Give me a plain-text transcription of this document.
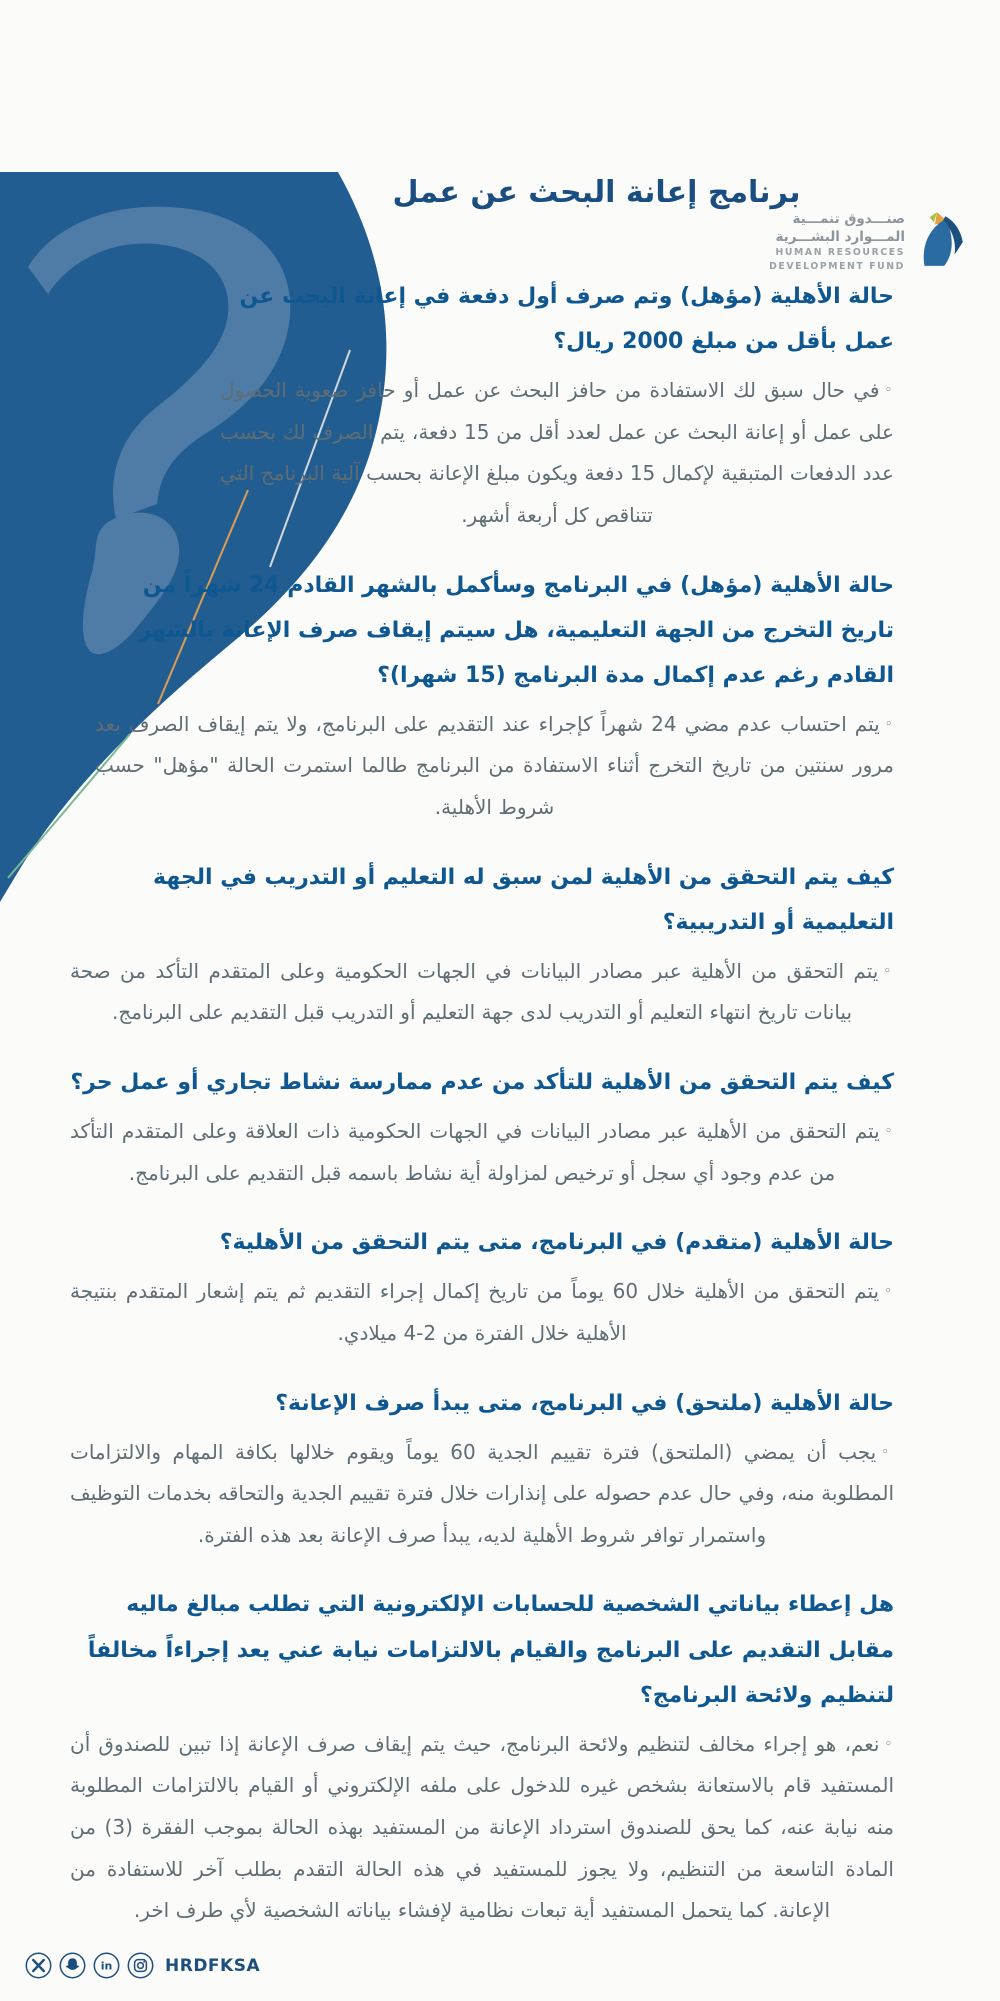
صنـــدوق تنمـــية
المـــوارد البشـــرية
HUMAN RESOURCES
DEVELOPMENT FUND
برنامج إعانة البحث عن عمل
حالة الأهلية (مؤهل) وتم صرف أول دفعة في إعانة البحث عن عمل بأقل من مبلغ 2000 ريال؟

◦في حال سبق لك الاستفادة من حافز البحث عن عمل أو حافز صعوبة الحصول على عمل أو إعانة البحث عن عمل لعدد أقل من 15 دفعة، يتم الصرف لك بحسب عدد الدفعات المتبقية لإكمال 15 دفعة ويكون مبلغ الإعانة بحسب آلية البرنامج التي تتناقص كل أربعة أشهر.

حالة الأهلية (مؤهل) في البرنامج وسأكمل بالشهر القادم 24 شهراً من تاريخ التخرج من الجهة التعليمية، هل سيتم إيقاف صرف الإعانة بالشهر القادم رغم عدم إكمال مدة البرنامج (15 شهرا)؟

◦يتم احتساب عدم مضي 24 شهراً كإجراء عند التقديم على البرنامج، ولا يتم إيقاف الصرف بعد مرور سنتين من تاريخ التخرج أثناء الاستفادة من البرنامج طالما استمرت الحالة "مؤهل" حسب شروط الأهلية.

كيف يتم التحقق من الأهلية لمن سبق له التعليم أو التدريب في الجهة التعليمية أو التدريبية؟

◦يتم التحقق من الأهلية عبر مصادر البيانات في الجهات الحكومية وعلى المتقدم التأكد من صحة بيانات تاريخ انتهاء التعليم أو التدريب لدى جهة التعليم أو التدريب قبل التقديم على البرنامج.

كيف يتم التحقق من الأهلية للتأكد من عدم ممارسة نشاط تجاري أو عمل حر؟

◦يتم التحقق من الأهلية عبر مصادر البيانات في الجهات الحكومية ذات العلاقة وعلى المتقدم التأكد من عدم وجود أي سجل أو ترخيص لمزاولة أية نشاط باسمه قبل التقديم على البرنامج.

حالة الأهلية (متقدم) في البرنامج، متى يتم التحقق من الأهلية؟

◦يتم التحقق من الأهلية خلال 60 يوماً من تاريخ إكمال إجراء التقديم ثم يتم إشعار المتقدم بنتيجة الأهلية خلال الفترة من 2-4 ميلادي.

حالة الأهلية (ملتحق) في البرنامج، متى يبدأ صرف الإعانة؟

◦يجب أن يمضي (الملتحق) فترة تقييم الجدية 60 يوماً ويقوم خلالها بكافة المهام والالتزامات المطلوبة منه، وفي حال عدم حصوله على إنذارات خلال فترة تقييم الجدية والتحاقه بخدمات التوظيف واستمرار توافر شروط الأهلية لديه، يبدأ صرف الإعانة بعد هذه الفترة.

هل إعطاء بياناتي الشخصية للحسابات الإلكترونية التي تطلب مبالغ ماليه مقابل التقديم على البرنامج والقيام بالالتزامات نيابة عني يعد إجراءاً مخالفاً لتنظيم ولائحة البرنامج؟

◦نعم، هو إجراء مخالف لتنظيم ولائحة البرنامج، حيث يتم إيقاف صرف الإعانة إذا تبين للصندوق أن المستفيد قام بالاستعانة بشخص غيره للدخول على ملفه الإلكتروني أو القيام بالالتزامات المطلوبة منه نيابة عنه، كما يحق للصندوق استرداد الإعانة من المستفيد بهذه الحالة بموجب الفقرة (3) من المادة التاسعة من التنظيم، ولا يجوز للمستفيد في هذه الحالة التقدم بطلب آخر للاستفادة من الإعانة. كما يتحمل المستفيد أية تبعات نظامية لإفشاء بياناته الشخصية لأي طرف اخر.

in	HRDFKSA
